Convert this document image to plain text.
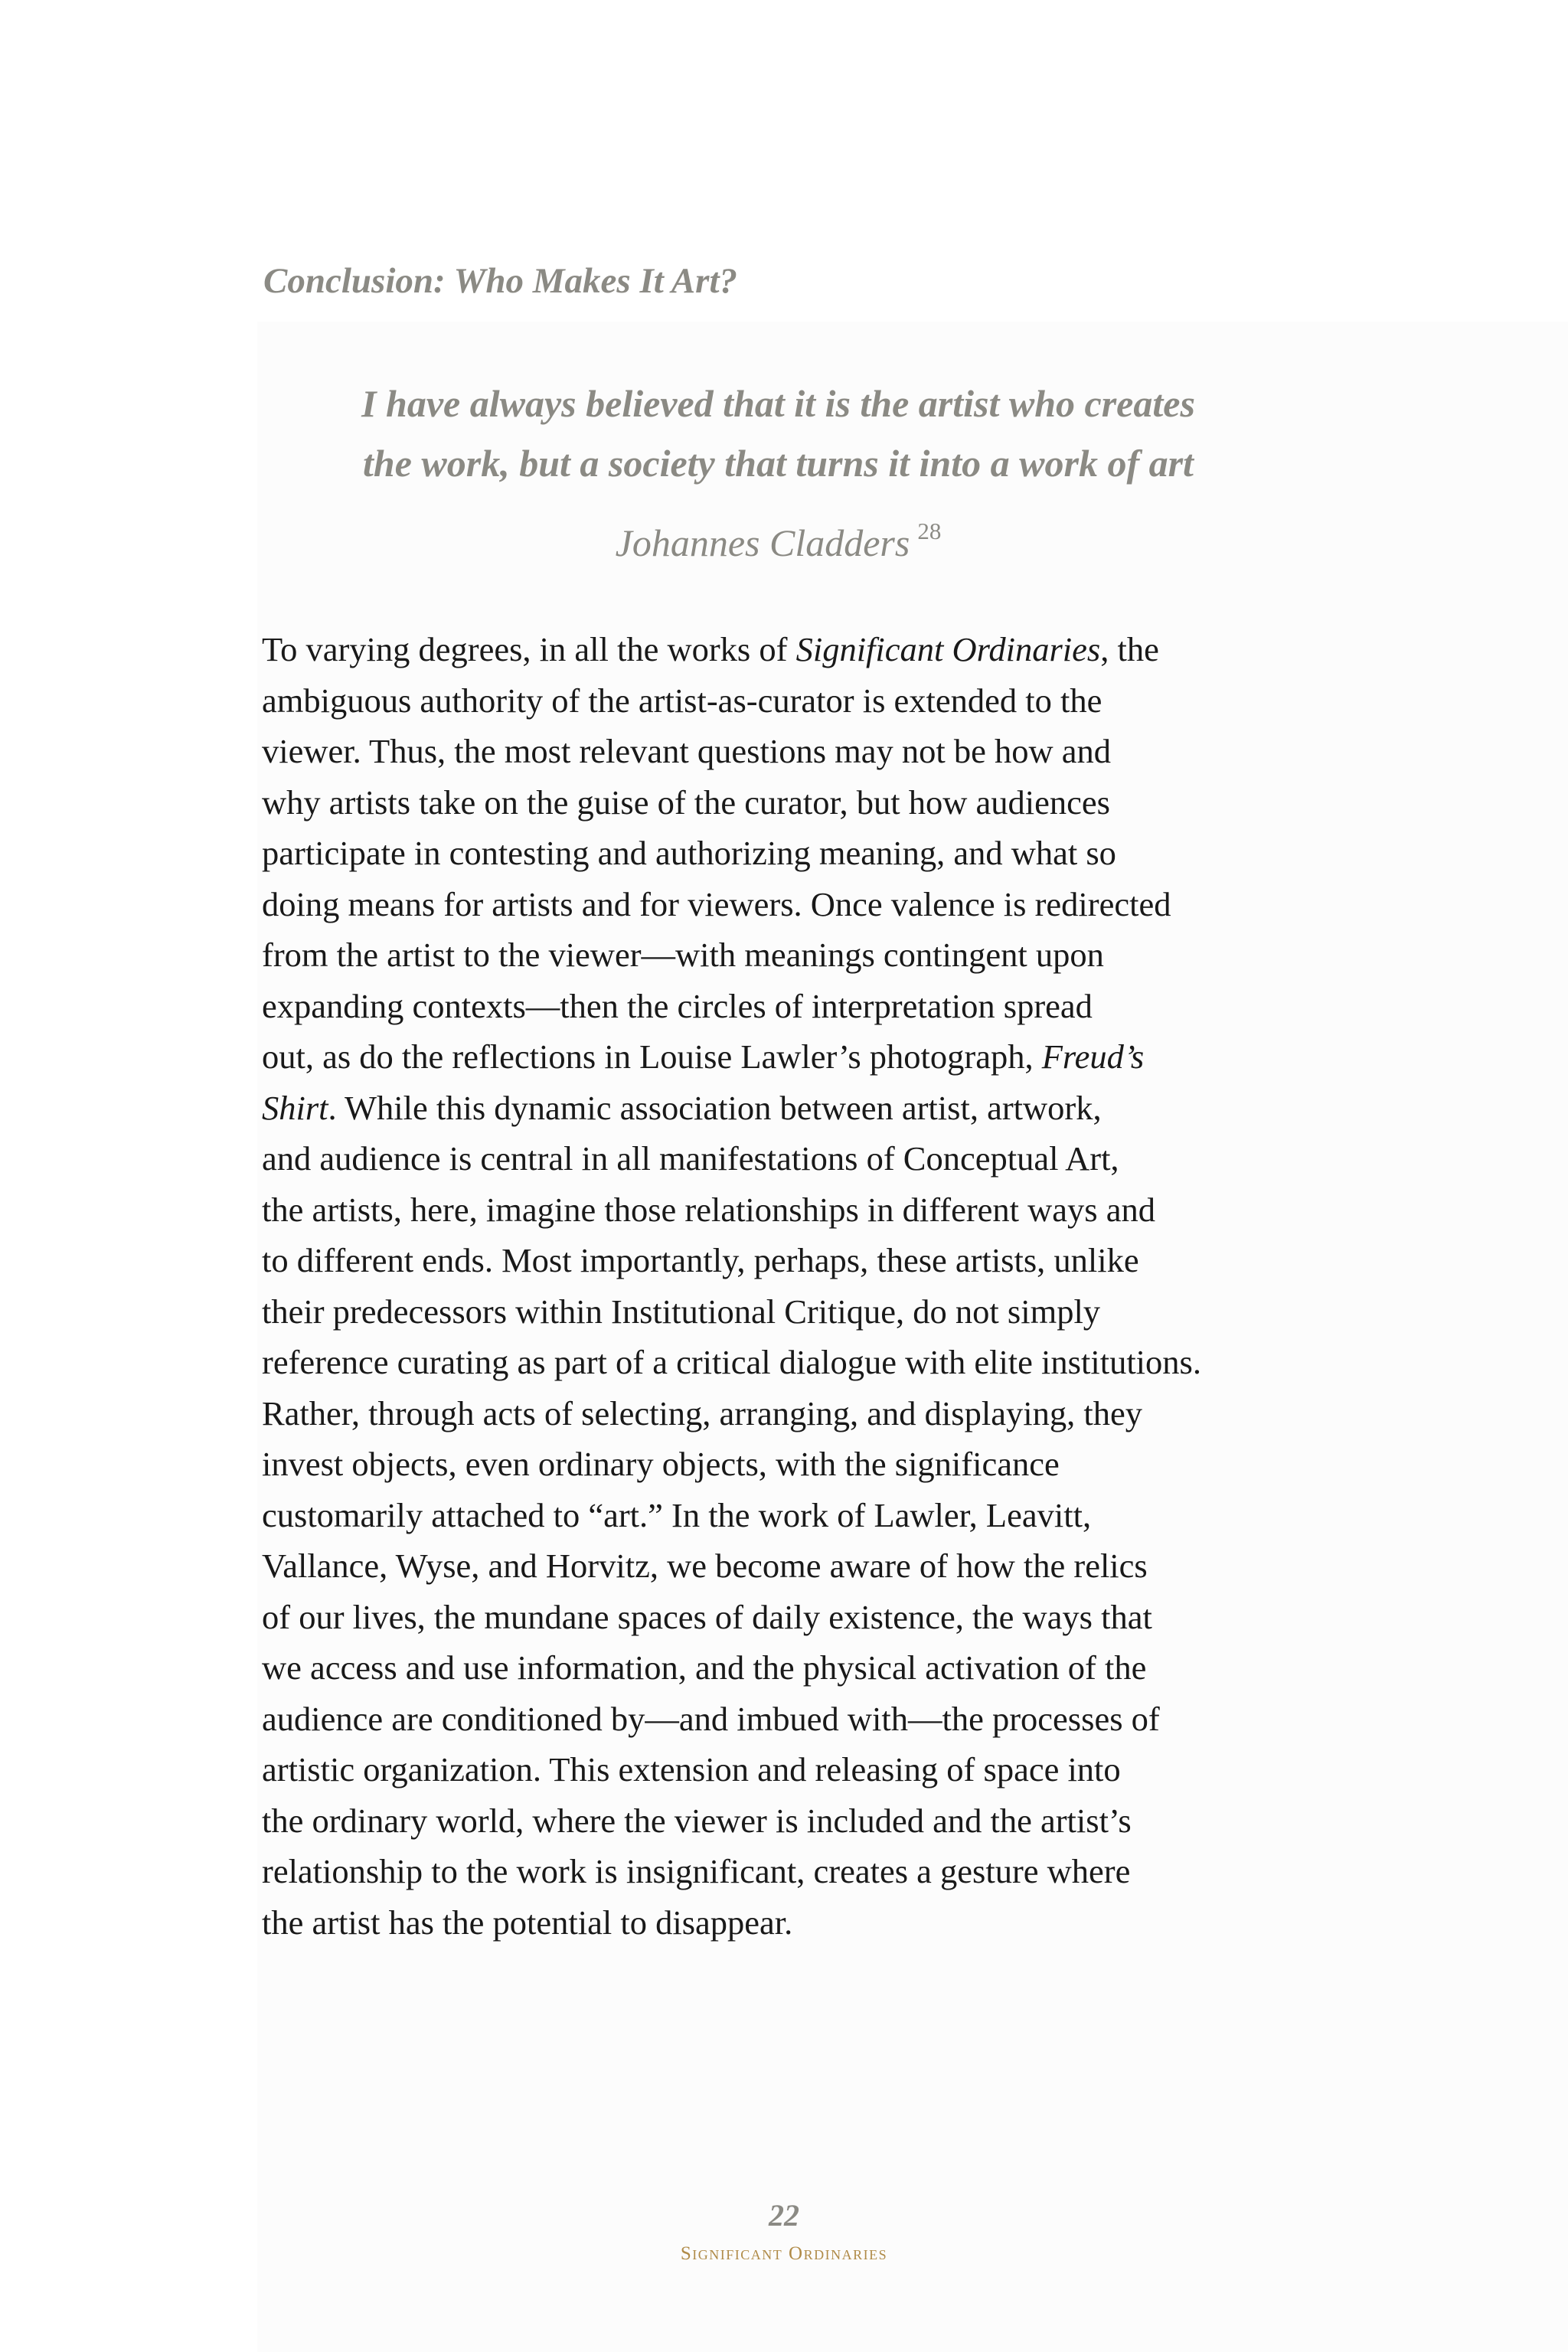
Conclusion: Who Makes It Art?
I have always believed that it is the artist who creates
the work, but a society that turns it into a work of art

Johannes Cladders $^{28}$

To varying degrees, in all the works of Significant Ordinaries, the
ambiguous authority of the artist-as-curator is extended to the
viewer. Thus, the most relevant questions may not be how and
why artists take on the guise of the curator, but how audiences
participate in contesting and authorizing meaning, and what so
doing means for artists and for viewers. Once valence is redirected
from the artist to the viewer—with meanings contingent upon
expanding contexts—then the circles of interpretation spread
out, as do the reflections in Louise Lawler’s photograph, Freud’s
Shirt. While this dynamic association between artist, artwork,
and audience is central in all manifestations of Conceptual Art,
the artists, here, imagine those relationships in different ways and
to different ends. Most importantly, perhaps, these artists, unlike
their predecessors within Institutional Critique, do not simply
reference curating as part of a critical dialogue with elite institutions.
Rather, through acts of selecting, arranging, and displaying, they
invest objects, even ordinary objects, with the significance
customarily attached to “art.” In the work of Lawler, Leavitt,
Vallance, Wyse, and Horvitz, we become aware of how the relics
of our lives, the mundane spaces of daily existence, the ways that
we access and use information, and the physical activation of the
audience are conditioned by—and imbued with—the processes of
artistic organization. This extension and releasing of space into
the ordinary world, where the viewer is included and the artist’s
relationship to the work is insignificant, creates a gesture where
the artist has the potential to disappear.
22
Significant Ordinaries
